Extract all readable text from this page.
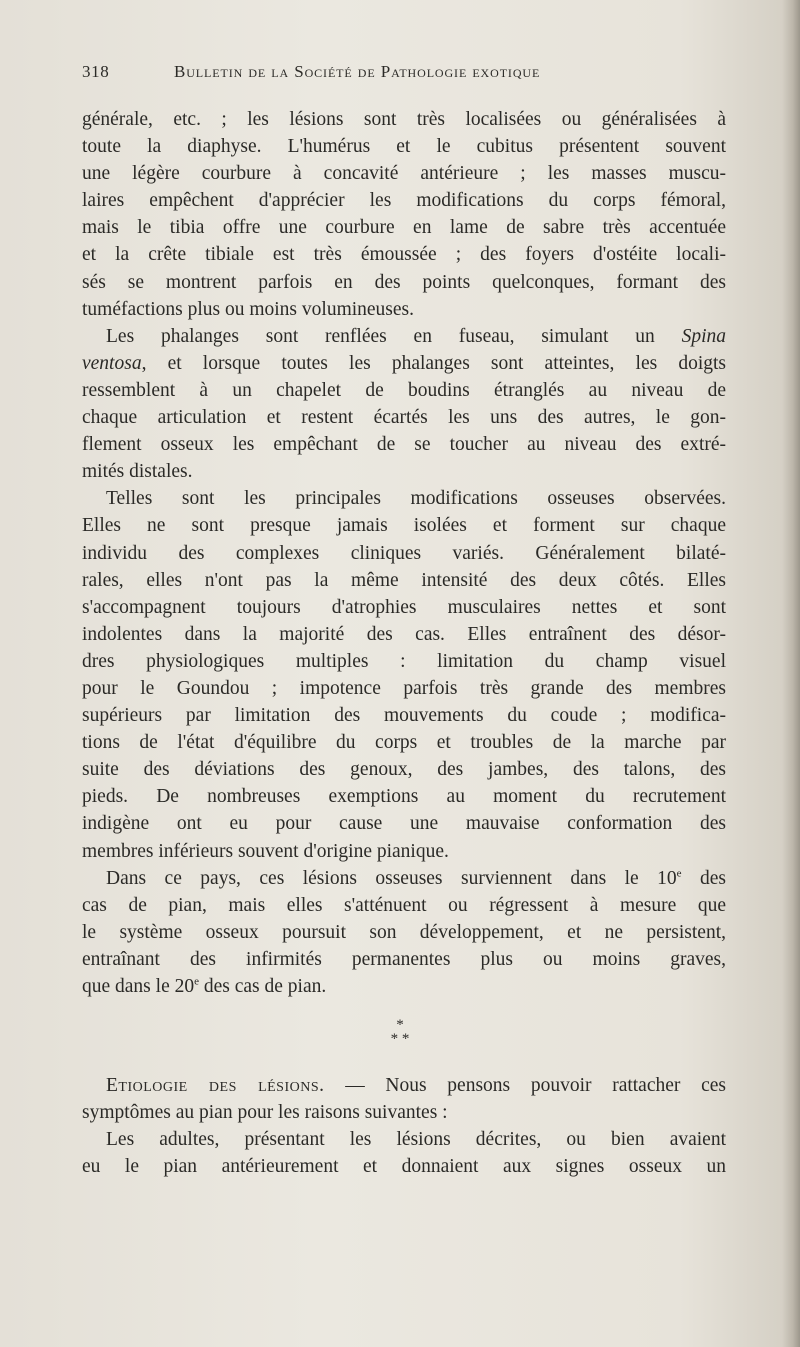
318	Bulletin de la Société de Pathologie exotique
générale, etc. ; les lésions sont très localisées ou généralisées à
toute la diaphyse. L'humérus et le cubitus présentent souvent
une légère courbure à concavité antérieure ; les masses muscu-
laires empêchent d'apprécier les modifications du corps fémoral,
mais le tibia offre une courbure en lame de sabre très accentuée
et la crête tibiale est très émoussée ; des foyers d'ostéite locali-
sés se montrent parfois en des points quelconques, formant des
tuméfactions plus ou moins volumineuses.
Les phalanges sont renflées en fuseau, simulant un Spina
ventosa, et lorsque toutes les phalanges sont atteintes, les doigts
ressemblent à un chapelet de boudins étranglés au niveau de
chaque articulation et restent écartés les uns des autres, le gon-
flement osseux les empêchant de se toucher au niveau des extré-
mités distales.
Telles sont les principales modifications osseuses observées.
Elles ne sont presque jamais isolées et forment sur chaque
individu des complexes cliniques variés. Généralement bilaté-
rales, elles n'ont pas la même intensité des deux côtés. Elles
s'accompagnent toujours d'atrophies musculaires nettes et sont
indolentes dans la majorité des cas. Elles entraînent des désor-
dres physiologiques multiples : limitation du champ visuel
pour le Goundou ; impotence parfois très grande des membres
supérieurs par limitation des mouvements du coude ; modifica-
tions de l'état d'équilibre du corps et troubles de la marche par
suite des déviations des genoux, des jambes, des talons, des
pieds. De nombreuses exemptions au moment du recrutement
indigène ont eu pour cause une mauvaise conformation des
membres inférieurs souvent d'origine pianique.
Dans ce pays, ces lésions osseuses surviennent dans le 10e des
cas de pian, mais elles s'atténuent ou régressent à mesure que
le système osseux poursuit son développement, et ne persistent,
entraînant des infirmités permanentes plus ou moins graves,
que dans le 20e des cas de pian.
*
* *
Etiologie des lésions. — Nous pensons pouvoir rattacher ces
symptômes au pian pour les raisons suivantes :
Les adultes, présentant les lésions décrites, ou bien avaient
eu le pian antérieurement et donnaient aux signes osseux un
